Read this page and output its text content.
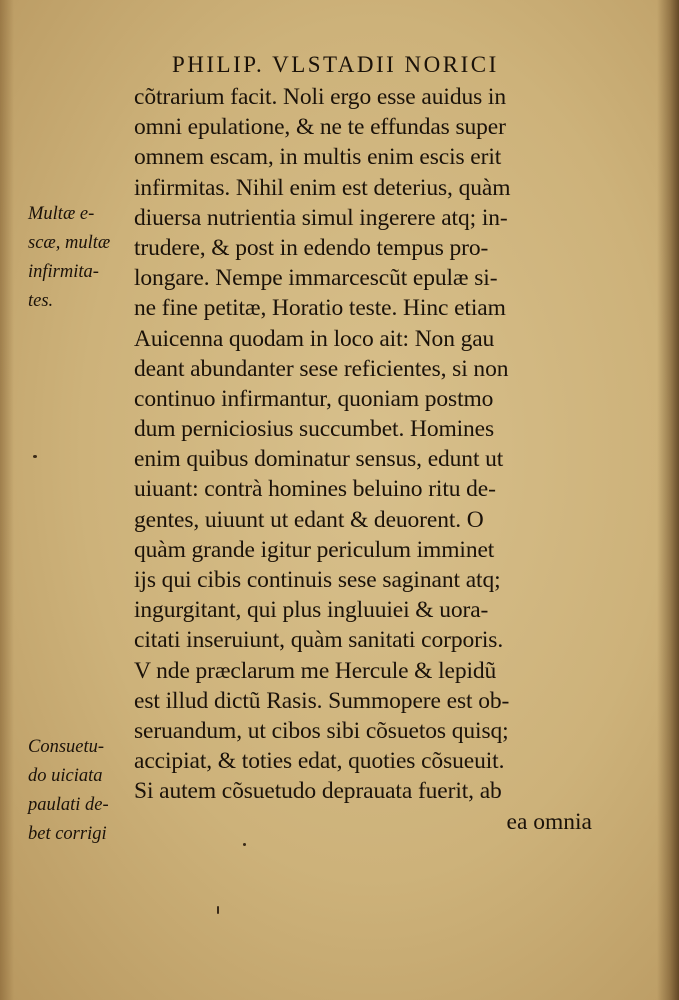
PHILIP. VLSTADII NORICI
cõtrarium facit. Noli ergo esse auidus in
omni epulatione, & ne te effundas super
omnem escam, in multis enim escis erit
infirmitas. Nihil enim est deterius, quàm
diuersa nutrientia simul ingerere atq; in-
trudere, & post in edendo tempus pro-
longare. Nempe immarcescũt epulæ si-
ne fine petitæ, Horatio teste. Hinc etiam
Auicenna quodam in loco ait: Non gau
deant abundanter sese reficientes, si non
continuo infirmantur, quoniam postmo
dum perniciosius succumbet. Homines
enim quibus dominatur sensus, edunt ut
uiuant: contrà homines beluino ritu de-
gentes, uiuunt ut edant & deuorent. O
quàm grande igitur periculum imminet
ijs qui cibis continuis sese saginant atq;
ingurgitant, qui plus ingluuiei & uora-
citati inseruiunt, quàm sanitati corporis.
V nde præclarum me Hercule & lepidũ
est illud dictũ Rasis. Summopere est ob-
seruandum, ut cibos sibi cõsuetos quisq;
accipiat, & toties edat, quoties cõsueuit.
Si autem cõsuetudo deprauata fuerit, ab
ea omnia
Multæ e-
scæ, multæ
infirmita-
tes.
Consuetu-
do uiciata
paulati de-
bet corrigi
